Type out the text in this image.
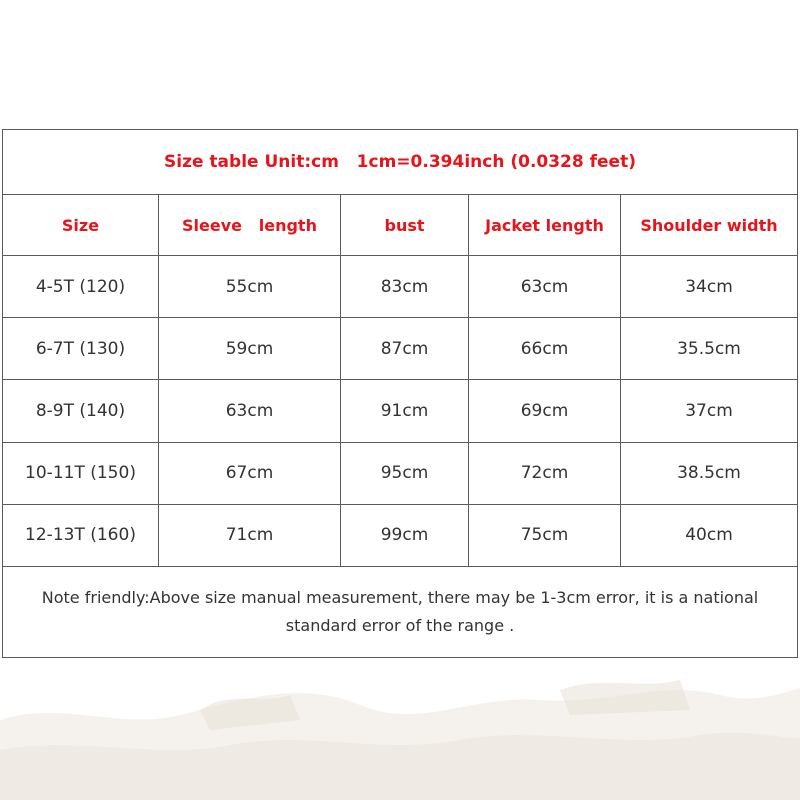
Size table Unit:cm   1cm=0.394inch (0.0328 feet)				
Size	Sleeve   length	bust	Jacket length	Shoulder width
4-5T (120)	55cm	83cm	63cm	34cm
6-7T (130)	59cm	87cm	66cm	35.5cm
8-9T (140)	63cm	91cm	69cm	37cm
10-11T (150)	67cm	95cm	72cm	38.5cm
12-13T (160)	71cm	99cm	75cm	40cm
Note friendly:Above size manual measurement, there may be 1-3cm error, it is a national standard error of the range .				
